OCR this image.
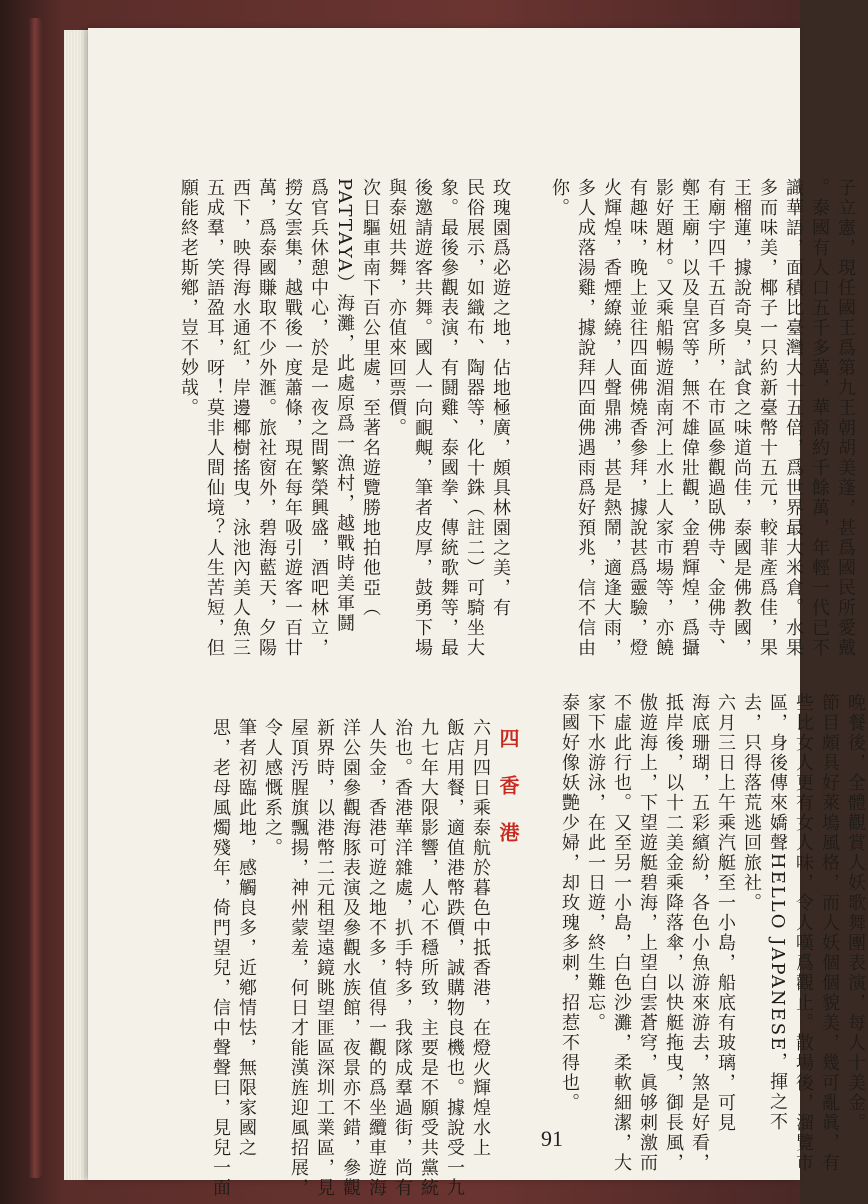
子立憲，現任國王爲第九王朝胡美蓬，甚爲國民所愛戴
。泰國有人口五千多萬，華裔約千餘萬，年輕一代已不
識華語，面積比臺灣大十五倍，爲世界最大米倉。水果
多而味美，椰子一只約新臺幣十五元，較菲產爲佳，果
王榴蓮，據說奇臭，試食之味道尚佳，泰國是佛教國，
有廟宇四千五百多所，在市區參觀過臥佛寺、金佛寺、
鄭王廟，以及皇宮等，無不雄偉壯觀，金碧輝煌，爲攝
影好題材。又乘船暢遊湄南河上水上人家市場等，亦饒
有趣味，晚上並往四面佛燒香參拜，據說甚爲靈驗，燈
火輝煌，香煙繚繞，人聲鼎沸，甚是熱鬧，適逢大雨，
多人成落湯雞，據說拜四面佛遇雨爲好預兆，信不信由
你。
玫瑰園爲必遊之地，佔地極廣，頗具林園之美，有
民俗展示，如織布、陶器等，化十銖（註二）可騎坐大
象。最後參觀表演，有鬪雞、泰國拳、傳統歌舞等，最
後邀請遊客共舞。國人一向靦覥，筆者皮厚，鼓勇下場
與泰妞共舞，亦值來回票價。
次日驅車南下百公里處，至著名遊覽勝地拍他亞（
PATTAYA）海灘，此處原爲一漁村，越戰時美軍鬪
爲官兵休憩中心，於是一夜之間繁榮興盛，酒吧林立，
撈女雲集，越戰後一度蕭條，現在每年吸引遊客一百廿
萬，爲泰國賺取不少外滙。旅社窗外，碧海藍天，夕陽
西下，映得海水通紅，岸邊椰樹搖曳，泳池內美人魚三
五成羣，笑語盈耳，呀！莫非人間仙境？人生苦短，但
願能終老斯鄕，豈不妙哉。
晚餐後，全體觀賞人妖歌舞團表演，每人十美金。
節目頗具好萊塢風格，而人妖個個貌美，幾可亂眞，有
些比女人更有女人味，令人嘆爲觀止。散場後，溜覽市
區，身後傳來嬌聲HELLO JAPANESE，揮之不
去，只得落荒逃回旅社。
六月三日上午乘汽艇至一小島，船底有玻璃，可見
海底珊瑚，五彩繽紛，各色小魚游來游去，煞是好看，
抵岸後，以十二美金乘降落傘，以快艇拖曳，御長風，
傲遊海上，下望遊艇碧海，上望白雲蒼穹，眞够刺激而
不虛此行也。又至另一小島，白色沙灘，柔軟細潔，大
家下水游泳，在此一日遊，終生難忘。
泰國好像妖艷少婦，却玫瑰多刺，招惹不得也。
四 香 港
六月四日乘泰航於暮色中抵香港，在燈火輝煌水上
飯店用餐，適值港幣跌價，誠購物良機也。據說受一九
九七年大限影響，人心不穩所致，主要是不願受共黨統
治也。香港華洋雜處，扒手特多，我隊成羣過街，尚有
人失金，香港可遊之地不多，值得一觀的爲坐纜車遊海
洋公園參觀海豚表演及參觀水族館，夜景亦不錯，參觀
新界時，以港幣二元租望遠鏡眺望匪區深圳工業區，見
屋頂汚腥旗飄揚，神州蒙羞，何日才能漢旌迎風招展，
令人感慨系之。
筆者初臨此地，感觸良多，近鄕情怯，無限家國之
思，老母風燭殘年，倚門望兒，信中聲聲曰，見兒一面	91
